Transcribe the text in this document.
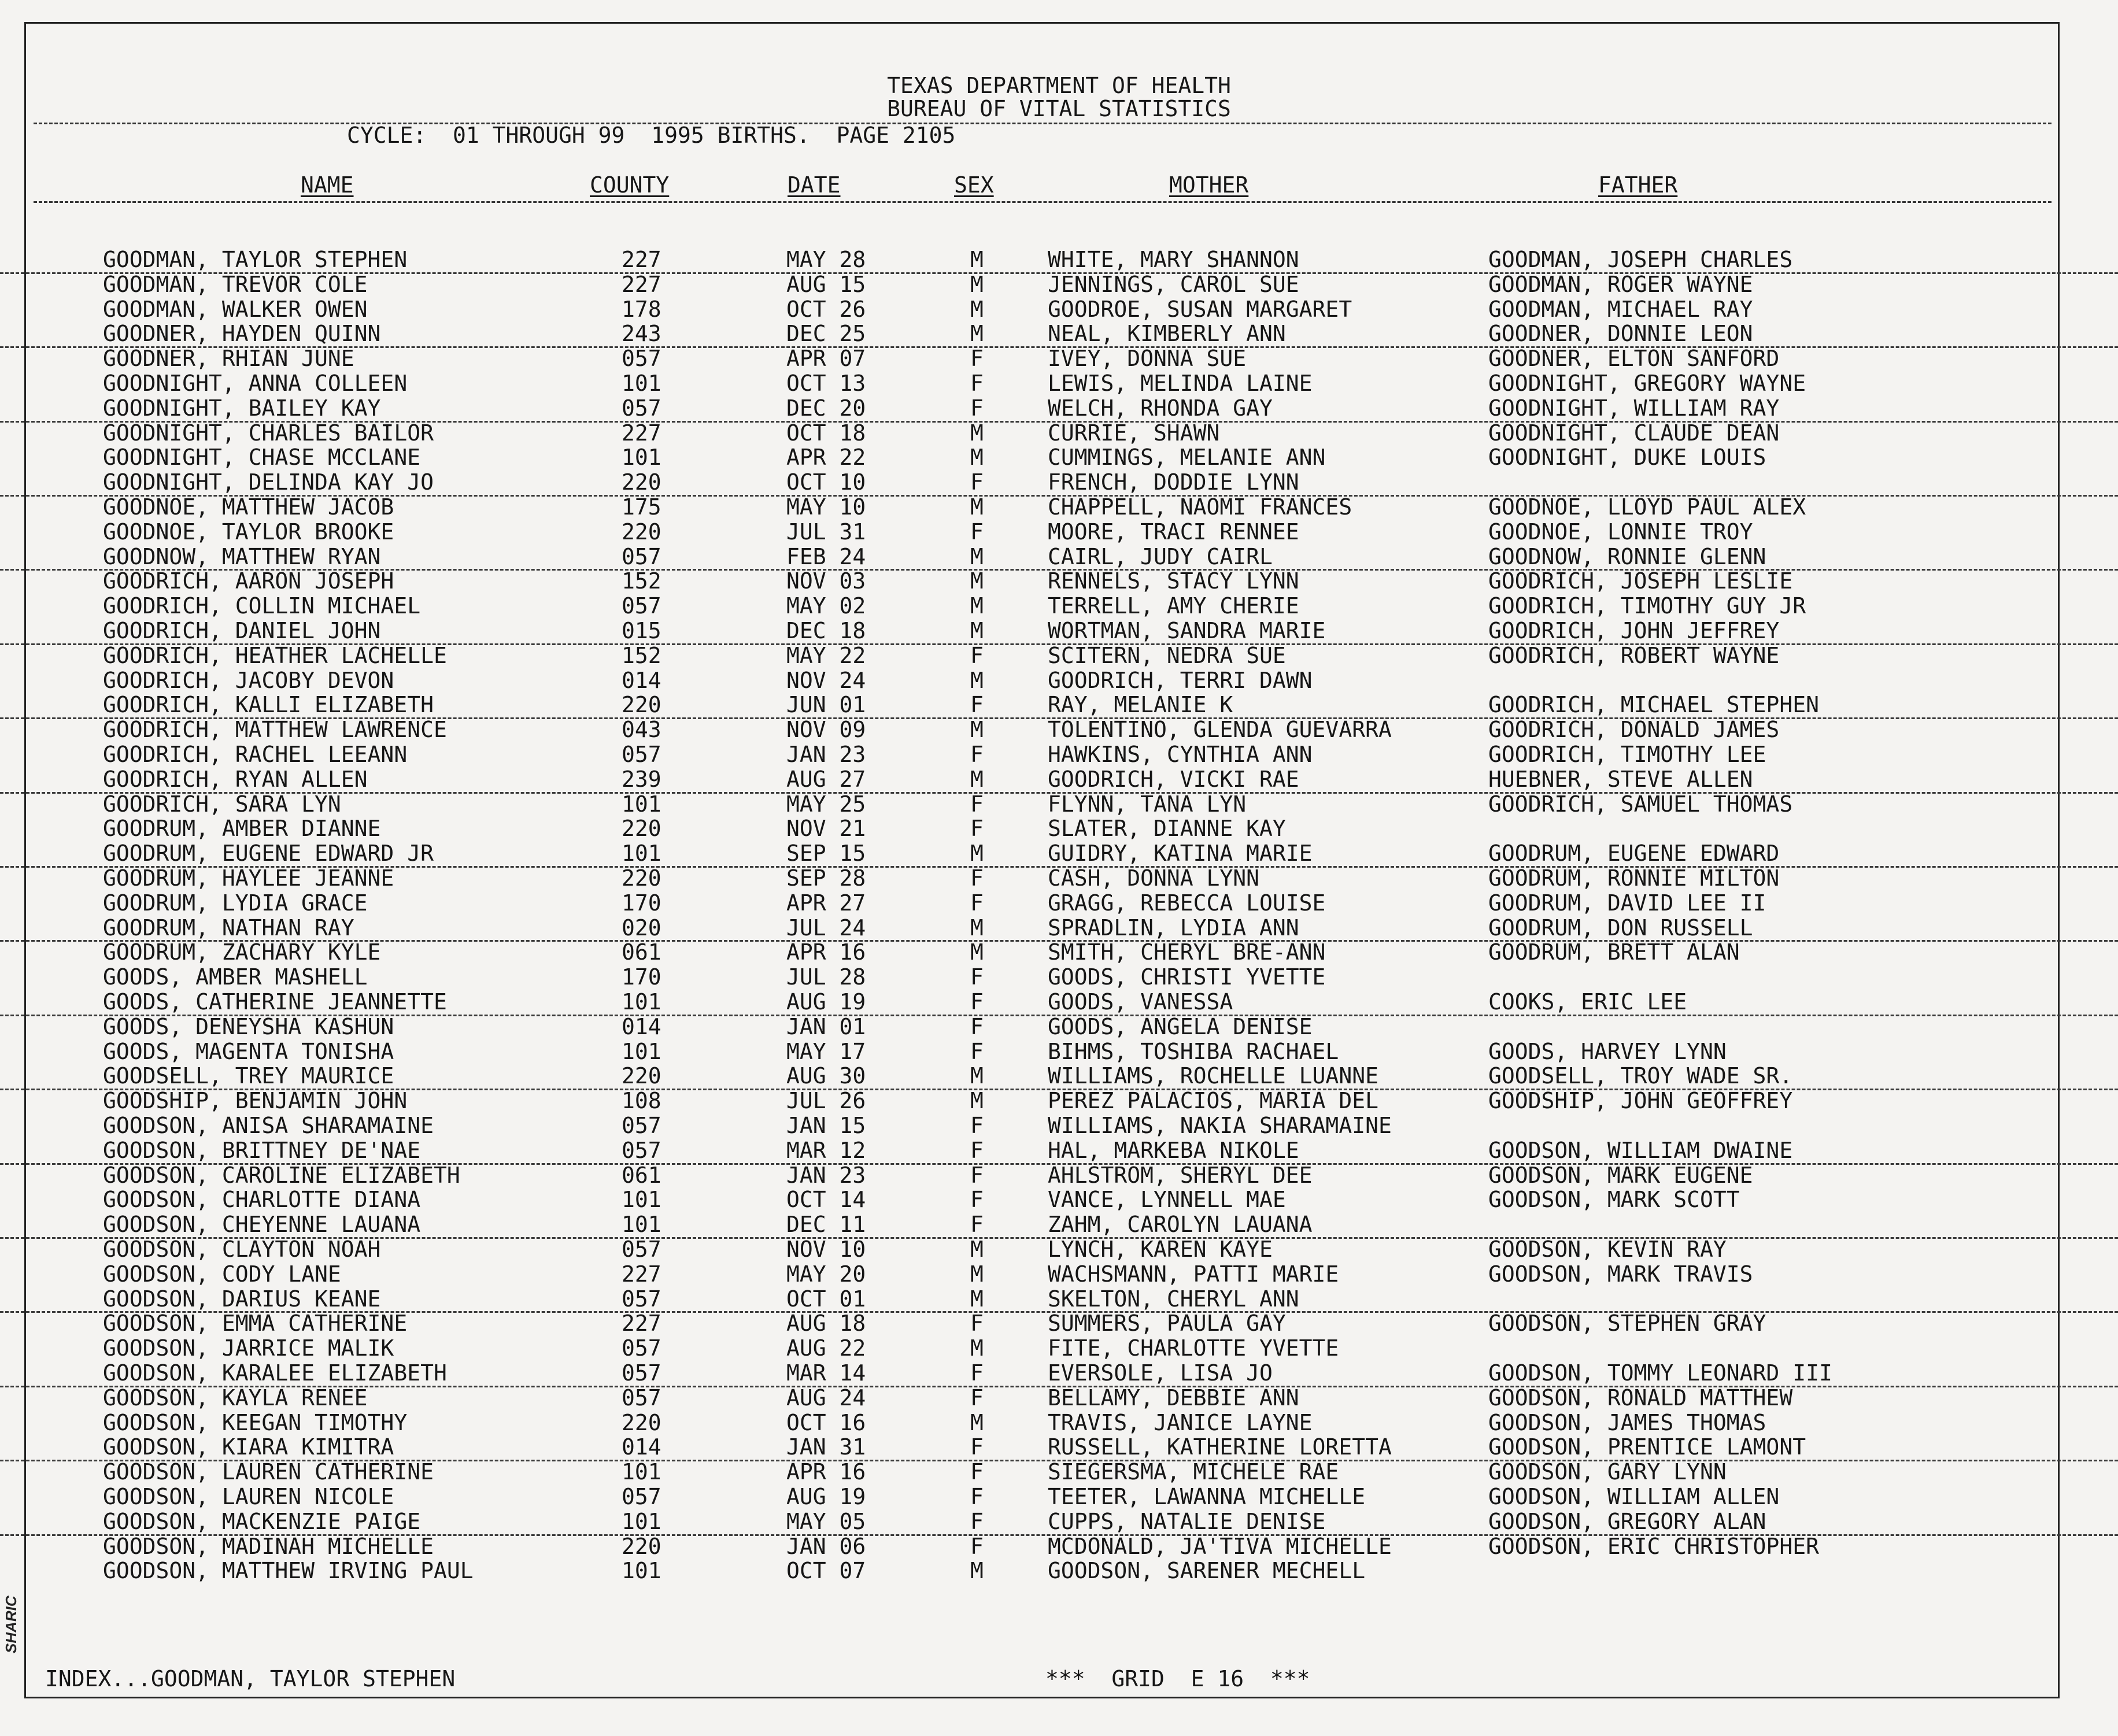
SHARIC
TEXAS DEPARTMENT OF HEALTH
BUREAU OF VITAL STATISTICS
CYCLE:  01 THROUGH 99  1995 BIRTHS.  PAGE 2105
NAME	COUNTY	DATE	SEX	MOTHER	FATHER
GOODMAN, TAYLOR STEPHEN	227	MAY 28	M	WHITE, MARY SHANNON	GOODMAN, JOSEPH CHARLES
GOODMAN, TREVOR COLE	227	AUG 15	M	JENNINGS, CAROL SUE	GOODMAN, ROGER WAYNE
GOODMAN, WALKER OWEN	178	OCT 26	M	GOODROE, SUSAN MARGARET	GOODMAN, MICHAEL RAY
GOODNER, HAYDEN QUINN	243	DEC 25	M	NEAL, KIMBERLY ANN	GOODNER, DONNIE LEON
GOODNER, RHIAN JUNE	057	APR 07	F	IVEY, DONNA SUE	GOODNER, ELTON SANFORD
GOODNIGHT, ANNA COLLEEN	101	OCT 13	F	LEWIS, MELINDA LAINE	GOODNIGHT, GREGORY WAYNE
GOODNIGHT, BAILEY KAY	057	DEC 20	F	WELCH, RHONDA GAY	GOODNIGHT, WILLIAM RAY
GOODNIGHT, CHARLES BAILOR	227	OCT 18	M	CURRIE, SHAWN	GOODNIGHT, CLAUDE DEAN
GOODNIGHT, CHASE MCCLANE	101	APR 22	M	CUMMINGS, MELANIE ANN	GOODNIGHT, DUKE LOUIS
GOODNIGHT, DELINDA KAY JO	220	OCT 10	F	FRENCH, DODDIE LYNN
GOODNOE, MATTHEW JACOB	175	MAY 10	M	CHAPPELL, NAOMI FRANCES	GOODNOE, LLOYD PAUL ALEX
GOODNOE, TAYLOR BROOKE	220	JUL 31	F	MOORE, TRACI RENNEE	GOODNOE, LONNIE TROY
GOODNOW, MATTHEW RYAN	057	FEB 24	M	CAIRL, JUDY CAIRL	GOODNOW, RONNIE GLENN
GOODRICH, AARON JOSEPH	152	NOV 03	M	RENNELS, STACY LYNN	GOODRICH, JOSEPH LESLIE
GOODRICH, COLLIN MICHAEL	057	MAY 02	M	TERRELL, AMY CHERIE	GOODRICH, TIMOTHY GUY JR
GOODRICH, DANIEL JOHN	015	DEC 18	M	WORTMAN, SANDRA MARIE	GOODRICH, JOHN JEFFREY
GOODRICH, HEATHER LACHELLE	152	MAY 22	F	SCITERN, NEDRA SUE	GOODRICH, ROBERT WAYNE
GOODRICH, JACOBY DEVON	014	NOV 24	M	GOODRICH, TERRI DAWN
GOODRICH, KALLI ELIZABETH	220	JUN 01	F	RAY, MELANIE K	GOODRICH, MICHAEL STEPHEN
GOODRICH, MATTHEW LAWRENCE	043	NOV 09	M	TOLENTINO, GLENDA GUEVARRA	GOODRICH, DONALD JAMES
GOODRICH, RACHEL LEEANN	057	JAN 23	F	HAWKINS, CYNTHIA ANN	GOODRICH, TIMOTHY LEE
GOODRICH, RYAN ALLEN	239	AUG 27	M	GOODRICH, VICKI RAE	HUEBNER, STEVE ALLEN
GOODRICH, SARA LYN	101	MAY 25	F	FLYNN, TANA LYN	GOODRICH, SAMUEL THOMAS
GOODRUM, AMBER DIANNE	220	NOV 21	F	SLATER, DIANNE KAY
GOODRUM, EUGENE EDWARD JR	101	SEP 15	M	GUIDRY, KATINA MARIE	GOODRUM, EUGENE EDWARD
GOODRUM, HAYLEE JEANNE	220	SEP 28	F	CASH, DONNA LYNN	GOODRUM, RONNIE MILTON
GOODRUM, LYDIA GRACE	170	APR 27	F	GRAGG, REBECCA LOUISE	GOODRUM, DAVID LEE II
GOODRUM, NATHAN RAY	020	JUL 24	M	SPRADLIN, LYDIA ANN	GOODRUM, DON RUSSELL
GOODRUM, ZACHARY KYLE	061	APR 16	M	SMITH, CHERYL BRE-ANN	GOODRUM, BRETT ALAN
GOODS, AMBER MASHELL	170	JUL 28	F	GOODS, CHRISTI YVETTE
GOODS, CATHERINE JEANNETTE	101	AUG 19	F	GOODS, VANESSA	COOKS, ERIC LEE
GOODS, DENEYSHA KASHUN	014	JAN 01	F	GOODS, ANGELA DENISE
GOODS, MAGENTA TONISHA	101	MAY 17	F	BIHMS, TOSHIBA RACHAEL	GOODS, HARVEY LYNN
GOODSELL, TREY MAURICE	220	AUG 30	M	WILLIAMS, ROCHELLE LUANNE	GOODSELL, TROY WADE SR.
GOODSHIP, BENJAMIN JOHN	108	JUL 26	M	PEREZ PALACIOS, MARIA DEL	GOODSHIP, JOHN GEOFFREY
GOODSON, ANISA SHARAMAINE	057	JAN 15	F	WILLIAMS, NAKIA SHARAMAINE
GOODSON, BRITTNEY DE'NAE	057	MAR 12	F	HAL, MARKEBA NIKOLE	GOODSON, WILLIAM DWAINE
GOODSON, CAROLINE ELIZABETH	061	JAN 23	F	AHLSTROM, SHERYL DEE	GOODSON, MARK EUGENE
GOODSON, CHARLOTTE DIANA	101	OCT 14	F	VANCE, LYNNELL MAE	GOODSON, MARK SCOTT
GOODSON, CHEYENNE LAUANA	101	DEC 11	F	ZAHM, CAROLYN LAUANA
GOODSON, CLAYTON NOAH	057	NOV 10	M	LYNCH, KAREN KAYE	GOODSON, KEVIN RAY
GOODSON, CODY LANE	227	MAY 20	M	WACHSMANN, PATTI MARIE	GOODSON, MARK TRAVIS
GOODSON, DARIUS KEANE	057	OCT 01	M	SKELTON, CHERYL ANN
GOODSON, EMMA CATHERINE	227	AUG 18	F	SUMMERS, PAULA GAY	GOODSON, STEPHEN GRAY
GOODSON, JARRICE MALIK	057	AUG 22	M	FITE, CHARLOTTE YVETTE
GOODSON, KARALEE ELIZABETH	057	MAR 14	F	EVERSOLE, LISA JO	GOODSON, TOMMY LEONARD III
GOODSON, KAYLA RENEE	057	AUG 24	F	BELLAMY, DEBBIE ANN	GOODSON, RONALD MATTHEW
GOODSON, KEEGAN TIMOTHY	220	OCT 16	M	TRAVIS, JANICE LAYNE	GOODSON, JAMES THOMAS
GOODSON, KIARA KIMITRA	014	JAN 31	F	RUSSELL, KATHERINE LORETTA	GOODSON, PRENTICE LAMONT
GOODSON, LAUREN CATHERINE	101	APR 16	F	SIEGERSMA, MICHELE RAE	GOODSON, GARY LYNN
GOODSON, LAUREN NICOLE	057	AUG 19	F	TEETER, LAWANNA MICHELLE	GOODSON, WILLIAM ALLEN
GOODSON, MACKENZIE PAIGE	101	MAY 05	F	CUPPS, NATALIE DENISE	GOODSON, GREGORY ALAN
GOODSON, MADINAH MICHELLE	220	JAN 06	F	MCDONALD, JA'TIVA MICHELLE	GOODSON, ERIC CHRISTOPHER
GOODSON, MATTHEW IRVING PAUL	101	OCT 07	M	GOODSON, SARENER MECHELL
INDEX...GOODMAN, TAYLOR STEPHEN	***  GRID  E 16  ***
